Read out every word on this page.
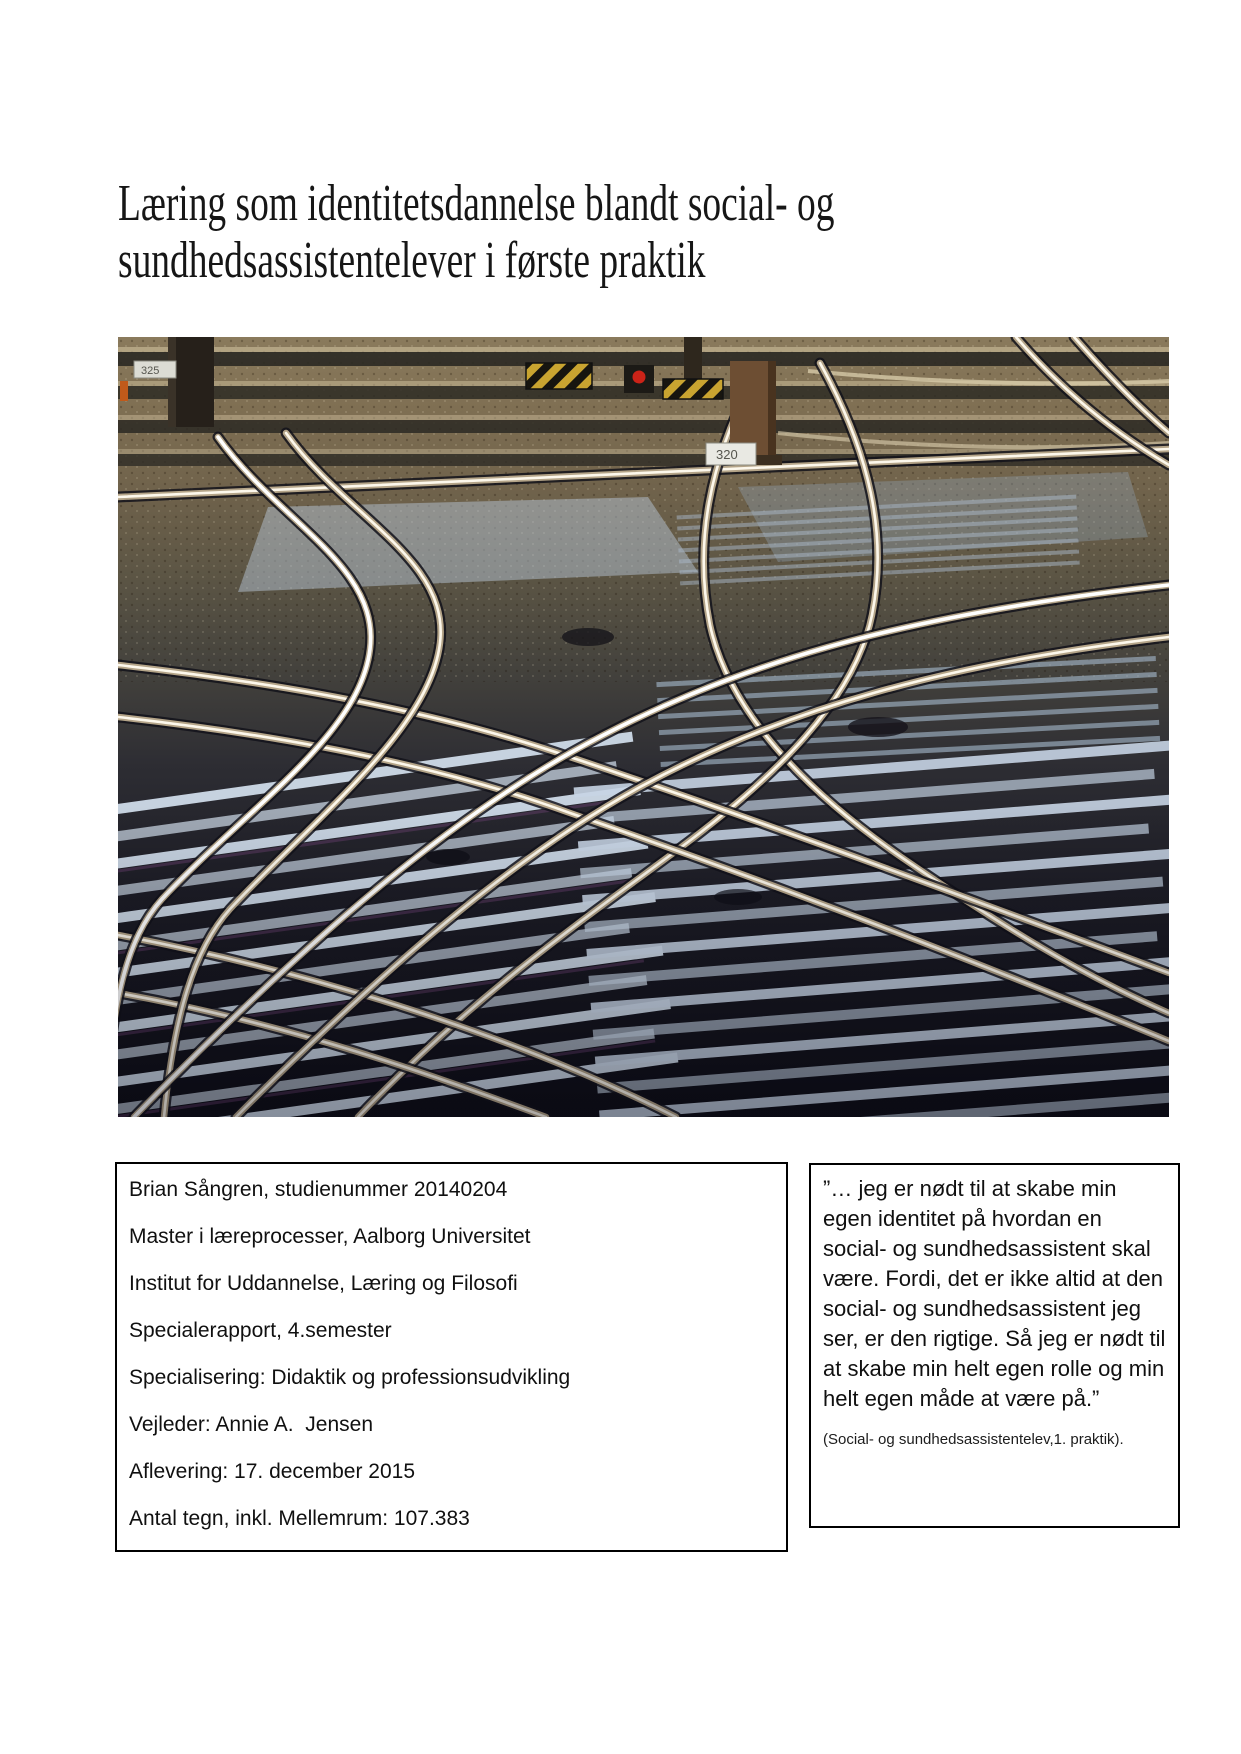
Læring som identitetsdannelse blandt social- og
sundhedsassistentelever i første praktik

Brian Sångren, studienummer 20140204

Master i læreprocesser, Aalborg Universitet

Institut for Uddannelse, Læring og Filosofi

Specialerapport, 4.semester

Specialisering: Didaktik og professionsudvikling

Vejleder: Annie A.  Jensen

Aflevering: 17. december 2015

Antal tegn, inkl. Mellemrum: 107.383

”… jeg er nødt til at skabe min egen identitet på hvordan en social- og sundhedsassistent skal være. Fordi, det er ikke altid at den social- og sundhedsassistent jeg ser, er den rigtige. Så jeg er nødt til at skabe min helt egen rolle og min helt egen måde at være på.”

(Social- og sundhedsassistentelev,1. praktik).
